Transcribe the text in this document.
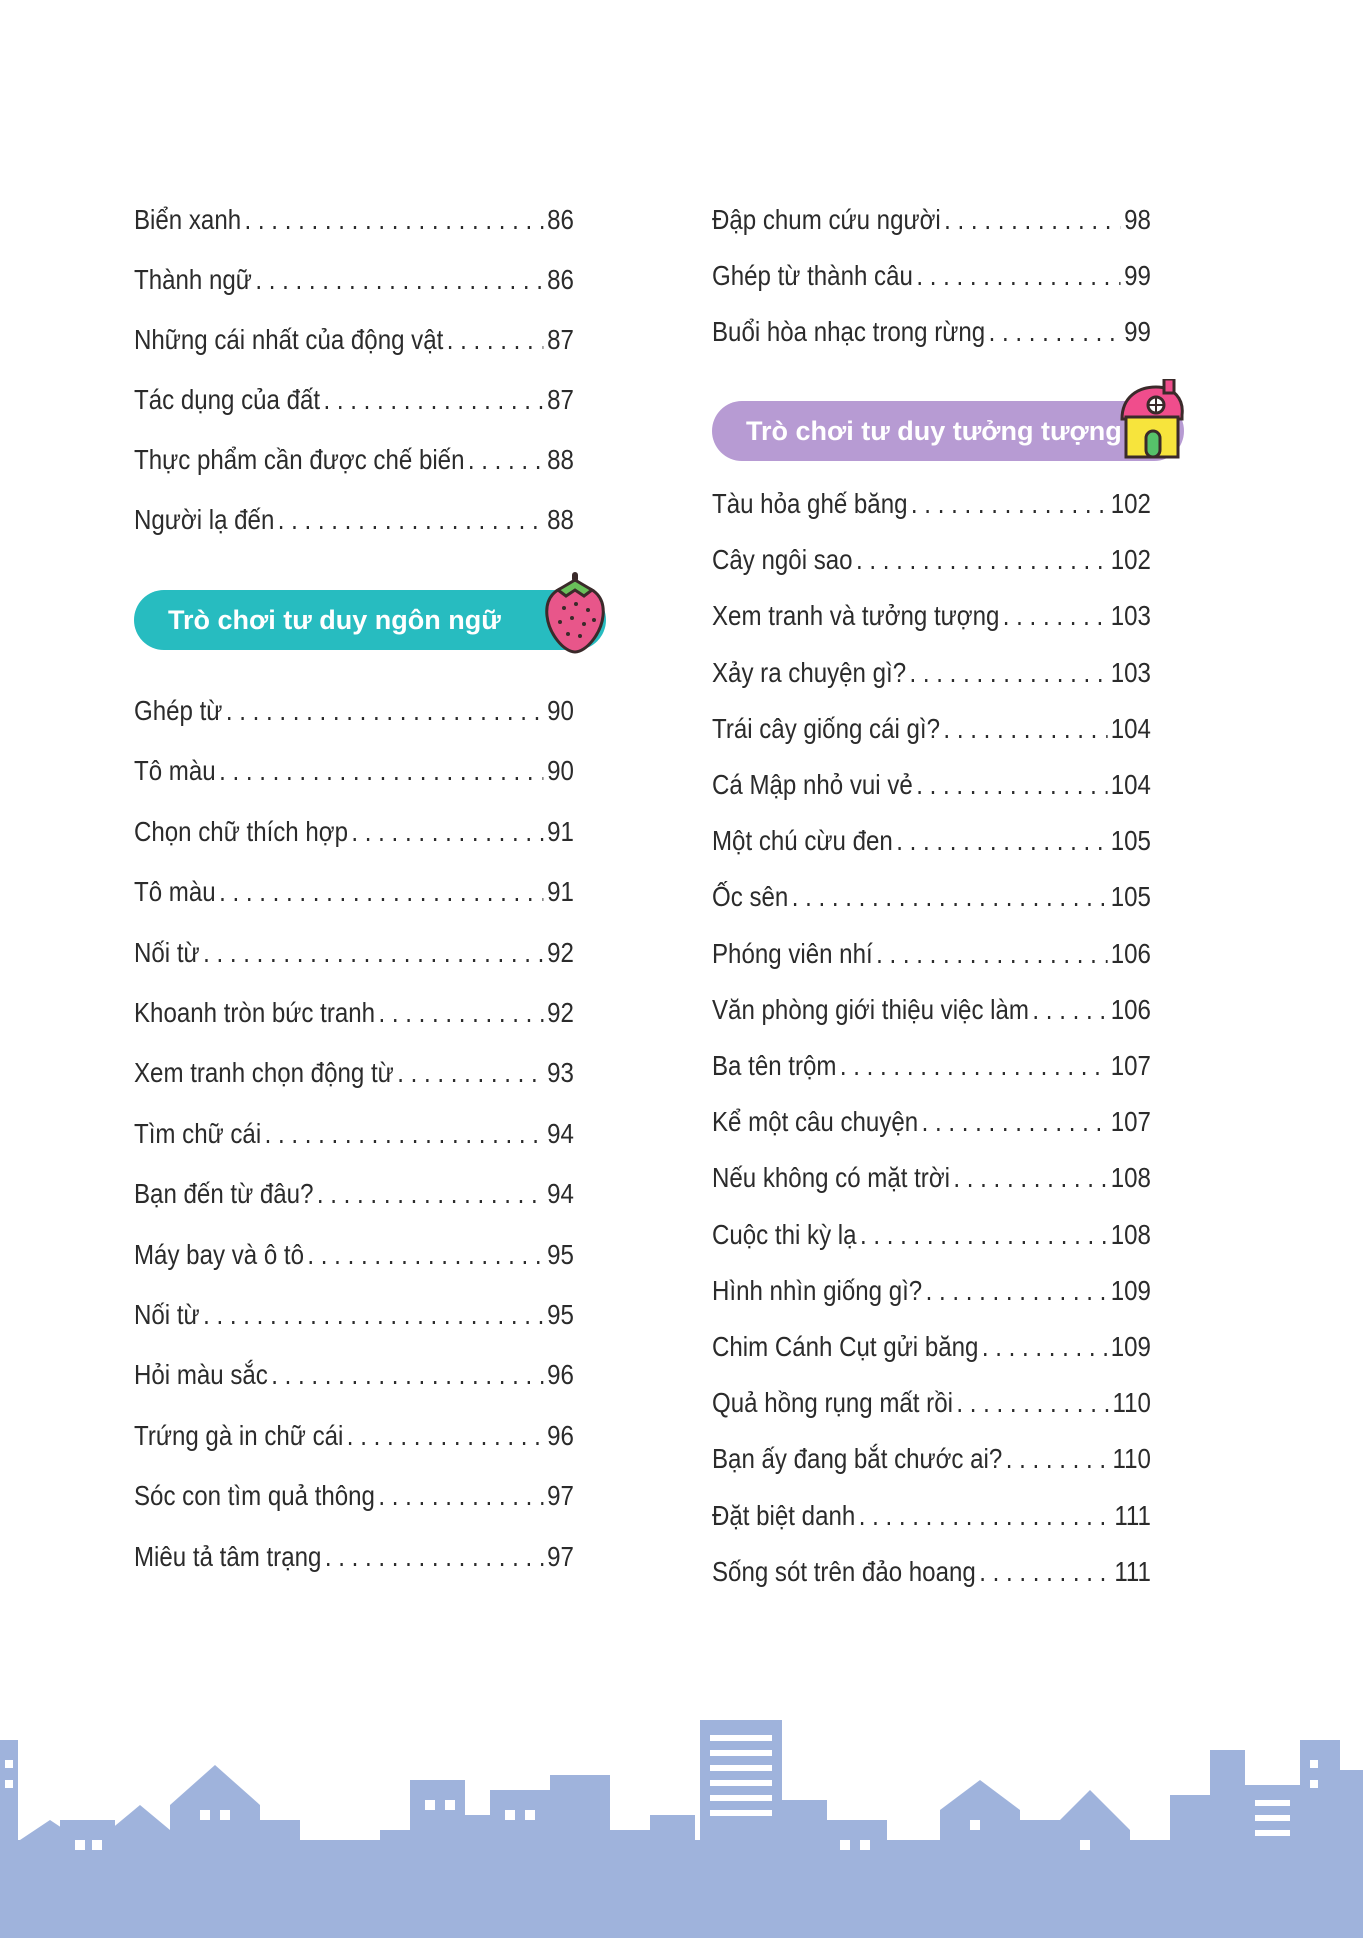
Biển xanh . . .	86
Thành ngữ . . .	86
Những cái nhất của động vật . . .	87
Tác dụng của đất . . .	87
Thực phẩm cần được chế biến . . .	88
Người lạ đến . . .	88
Trò chơi tư duy ngôn ngữ
Ghép từ . . .	90
Tô màu . . .	90
Chọn chữ thích hợp . . .	91
Tô màu . . .	91
Nối từ . . .	92
Khoanh tròn bức tranh . . .	92
Xem tranh chọn động từ . . .	93
Tìm chữ cái . . .	94
Bạn đến từ đâu? . . .	94
Máy bay và ô tô . . .	95
Nối từ . . .	95
Hỏi màu sắc . . .	96
Trứng gà in chữ cái . . .	96
Sóc con tìm quả thông . . .	97
Miêu tả tâm trạng . . .	97
Đập chum cứu người . . .	98
Ghép từ thành câu . . .	99
Buổi hòa nhạc trong rừng . . .	99
Trò chơi tư duy tưởng tượng
Tàu hỏa ghế băng . . .	102
Cây ngôi sao . . .	102
Xem tranh và tưởng tượng . . .	103
Xảy ra chuyện gì? . . .	103
Trái cây giống cái gì? . . .	104
Cá Mập nhỏ vui vẻ . . .	104
Một chú cừu đen . . .	105
Ốc sên . . .	105
Phóng viên nhí . . .	106
Văn phòng giới thiệu việc làm . . .	106
Ba tên trộm . . .	107
Kể một câu chuyện . . .	107
Nếu không có mặt trời . . .	108
Cuộc thi kỳ lạ . . .	108
Hình nhìn giống gì? . . .	109
Chim Cánh Cụt gửi băng . . .	109
Quả hồng rụng mất rồi . . .	110
Bạn ấy đang bắt chước ai? . . .	110
Đặt biệt danh . . .	111
Sống sót trên đảo hoang . . .	111
